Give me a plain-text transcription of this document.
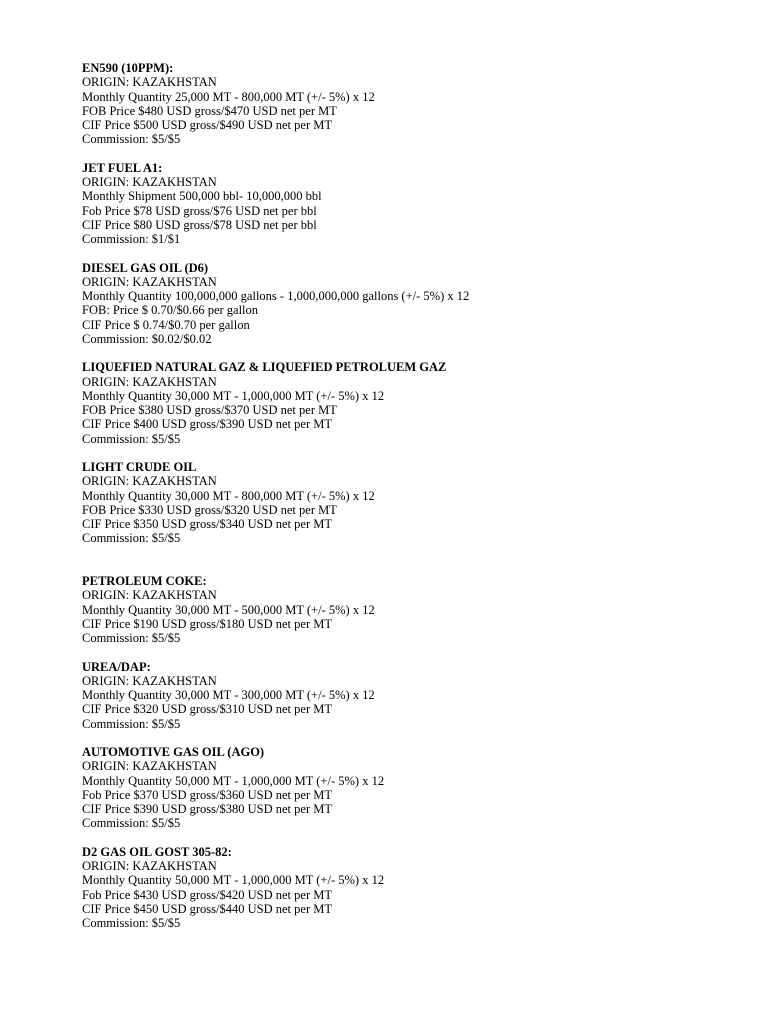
EN590 (10PPM):
ORIGIN: KAZAKHSTAN
Monthly Quantity 25,000 MT - 800,000 MT (+/- 5%) x 12
FOB Price $480 USD gross/$470 USD net per MT
CIF Price $500 USD gross/$490 USD net per MT
Commission: $5/$5
JET FUEL A1:
ORIGIN: KAZAKHSTAN
Monthly Shipment 500,000 bbl- 10,000,000 bbl
Fob Price $78 USD gross/$76 USD net per bbl
CIF Price $80 USD gross/$78 USD net per bbl
Commission: $1/$1
DIESEL GAS OIL (D6)
ORIGIN: KAZAKHSTAN
Monthly Quantity 100,000,000 gallons - 1,000,000,000 gallons (+/- 5%) x 12
FOB: Price $ 0.70/$0.66 per gallon
CIF Price $ 0.74/$0.70 per gallon
Commission: $0.02/$0.02
LIQUEFIED NATURAL GAZ & LIQUEFIED PETROLUEM GAZ
ORIGIN: KAZAKHSTAN
Monthly Quantity 30,000 MT - 1,000,000 MT (+/- 5%) x 12
FOB Price $380 USD gross/$370 USD net per MT
CIF Price $400 USD gross/$390 USD net per MT
Commission: $5/$5
LIGHT CRUDE OIL
ORIGIN: KAZAKHSTAN
Monthly Quantity 30,000 MT - 800,000 MT (+/- 5%) x 12
FOB Price $330 USD gross/$320 USD net per MT
CIF Price $350 USD gross/$340 USD net per MT
Commission: $5/$5
PETROLEUM COKE:
ORIGIN: KAZAKHSTAN
Monthly Quantity 30,000 MT - 500,000 MT (+/- 5%) x 12
CIF Price $190 USD gross/$180 USD net per MT
Commission: $5/$5
UREA/DAP:
ORIGIN: KAZAKHSTAN
Monthly Quantity 30,000 MT - 300,000 MT (+/- 5%) x 12
CIF Price $320 USD gross/$310 USD net per MT
Commission: $5/$5
AUTOMOTIVE GAS OIL (AGO)
ORIGIN: KAZAKHSTAN
Monthly Quantity 50,000 MT - 1,000,000 MT (+/- 5%) x 12
Fob Price $370 USD gross/$360 USD net per MT
CIF Price $390 USD gross/$380 USD net per MT
Commission: $5/$5
D2 GAS OIL GOST 305-82:
ORIGIN: KAZAKHSTAN
Monthly Quantity 50,000 MT - 1,000,000 MT (+/- 5%) x 12
Fob Price $430 USD gross/$420 USD net per MT
CIF Price $450 USD gross/$440 USD net per MT
Commission: $5/$5
